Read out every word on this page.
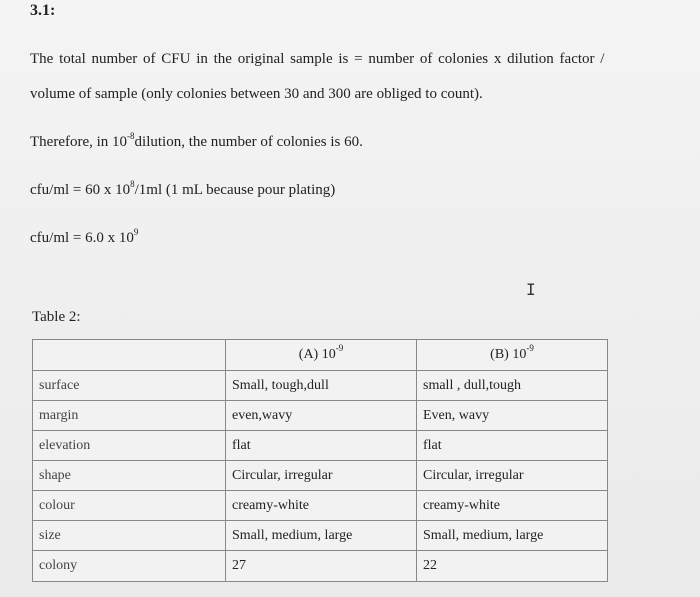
3.1:
The total number of CFU in the original sample is = number of colonies x dilution factor /
volume of sample (only colonies between 30 and 300 are obliged to count).
Therefore, in $10^{-8}dilution$, the number of colonies is 60.
cfu/ml = 60 x $10^8/1ml$ (1 mL because pour plating)
cfu/ml = 6.0 x $10^9$
I
Table 2:
	(A) $10^{-9}$	(B) $10^{-9}$
surface	Small, tough,dull	small , dull,tough
margin	even,wavy	Even, wavy
elevation	flat	flat
shape	Circular, irregular	Circular, irregular
colour	creamy-white	creamy-white
size	Small, medium, large	Small, medium, large
colony	27	22
